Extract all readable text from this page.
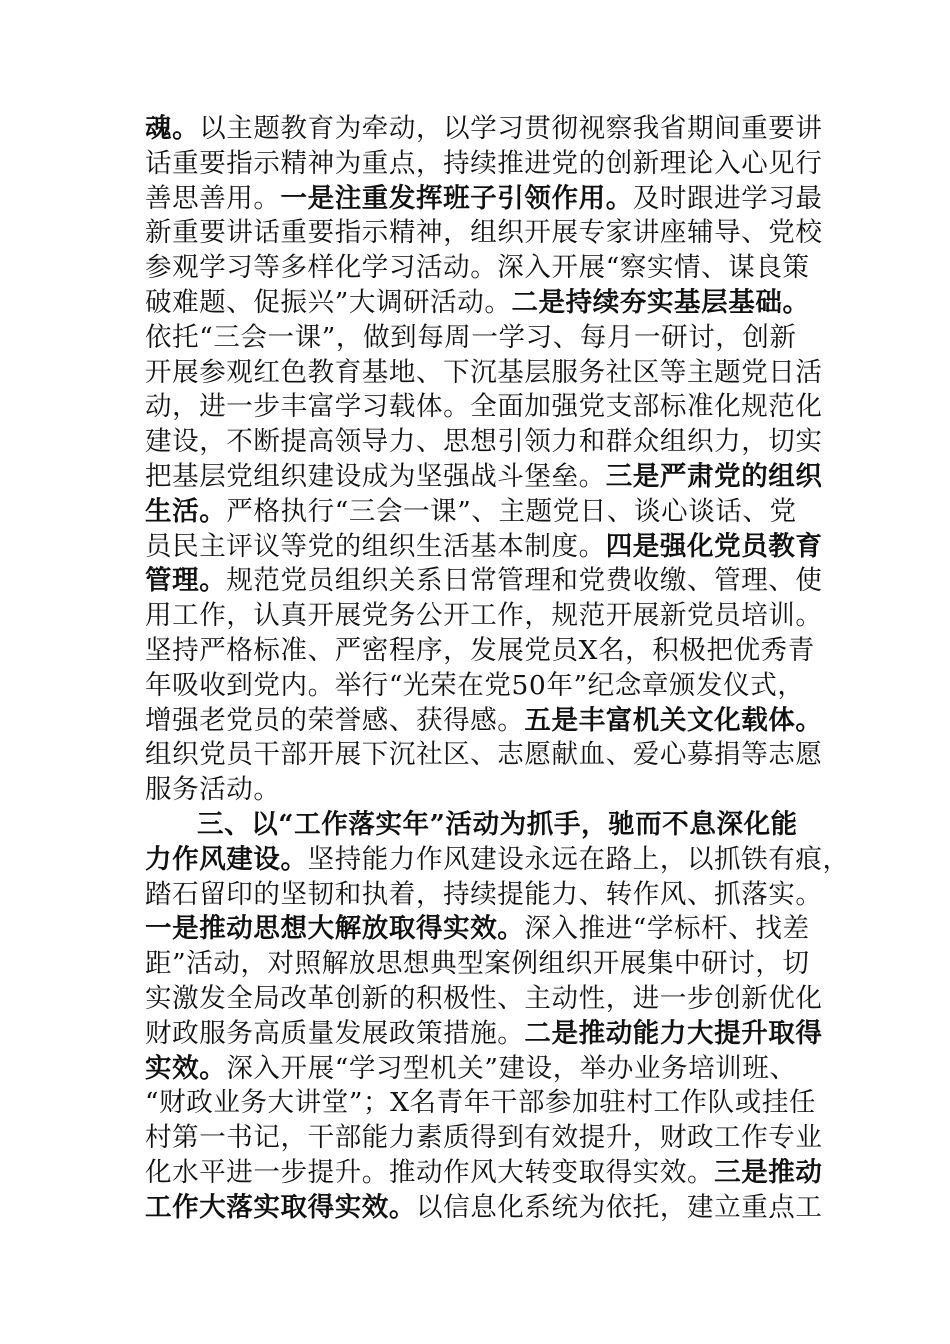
魂。以主题教育为牵动，以学习贯彻视察我省期间重要讲
话重要指示精神为重点，持续推进党的创新理论入心见行
善思善用。一是注重发挥班子引领作用。及时跟进学习最
新重要讲话重要指示精神，组织开展专家讲座辅导、党校
参观学习等多样化学习活动。深入开展“察实情、谋良策
破难题、促振兴”大调研活动。二是持续夯实基层基础。
依托“三会一课”，做到每周一学习、每月一研讨，创新
开展参观红色教育基地、下沉基层服务社区等主题党日活
动，进一步丰富学习载体。全面加强党支部标准化规范化
建设，不断提高领导力、思想引领力和群众组织力，切实
把基层党组织建设成为坚强战斗堡垒。三是严肃党的组织
生活。严格执行“三会一课”、主题党日、谈心谈话、党
员民主评议等党的组织生活基本制度。四是强化党员教育
管理。规范党员组织关系日常管理和党费收缴、管理、使
用工作，认真开展党务公开工作，规范开展新党员培训。
坚持严格标准、严密程序，发展党员X名，积极把优秀青
年吸收到党内。举行“光荣在党50年”纪念章颁发仪式，
增强老党员的荣誉感、获得感。五是丰富机关文化载体。
组织党员干部开展下沉社区、志愿献血、爱心募捐等志愿
服务活动。
三、以“工作落实年”活动为抓手，驰而不息深化能
力作风建设。坚持能力作风建设永远在路上，以抓铁有痕，
踏石留印的坚韧和执着，持续提能力、转作风、抓落实。
一是推动思想大解放取得实效。深入推进“学标杆、找差
距”活动，对照解放思想典型案例组织开展集中研讨，切
实激发全局改革创新的积极性、主动性，进一步创新优化
财政服务高质量发展政策措施。二是推动能力大提升取得
实效。深入开展“学习型机关”建设，举办业务培训班、
“财政业务大讲堂”；X名青年干部参加驻村工作队或挂任
村第一书记，干部能力素质得到有效提升，财政工作专业
化水平进一步提升。推动作风大转变取得实效。三是推动
工作大落实取得实效。以信息化系统为依托，建立重点工
